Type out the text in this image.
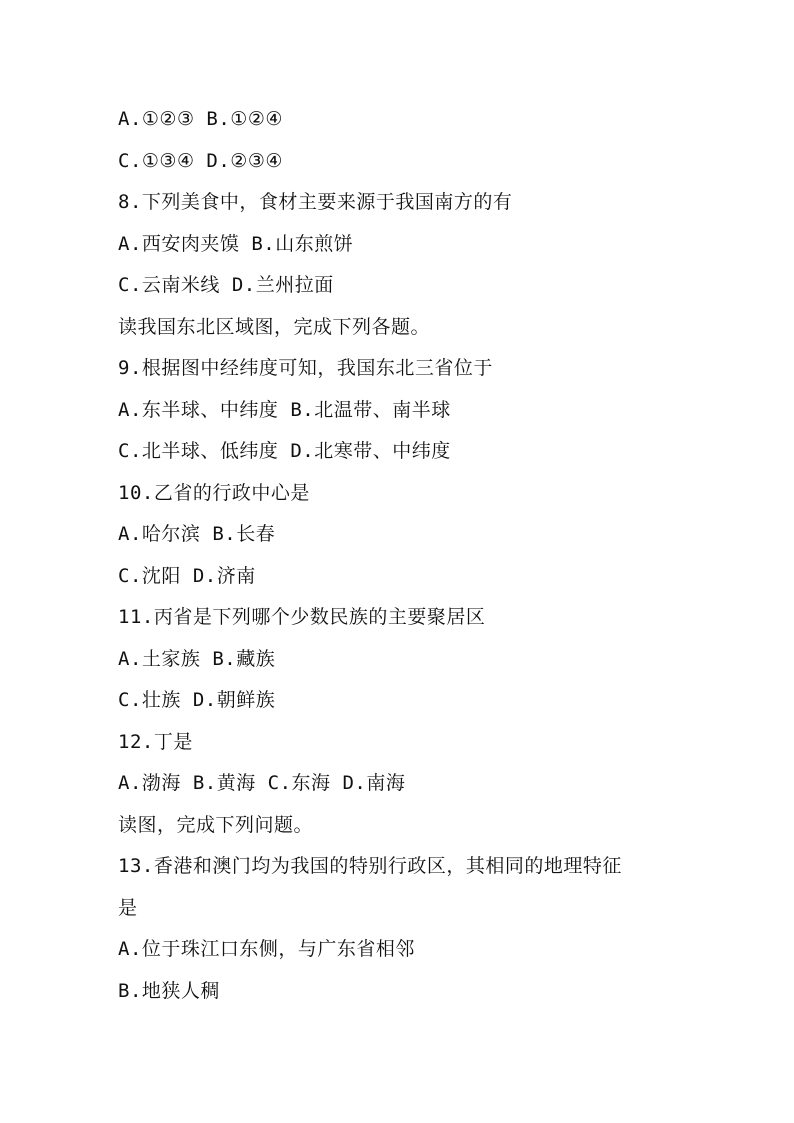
A.①②③ B.①②④
C.①③④ D.②③④
8.下列美食中，食材主要来源于我国南方的有
A.西安肉夹馍 B.山东煎饼
C.云南米线 D.兰州拉面
读我国东北区域图，完成下列各题。
9.根据图中经纬度可知，我国东北三省位于
A.东半球、中纬度 B.北温带、南半球
C.北半球、低纬度 D.北寒带、中纬度
10.乙省的行政中心是
A.哈尔滨 B.长春
C.沈阳 D.济南
11.丙省是下列哪个少数民族的主要聚居区
A.土家族 B.藏族
C.壮族 D.朝鲜族
12.丁是
A.渤海 B.黄海 C.东海 D.南海
读图，完成下列问题。
13.香港和澳门均为我国的特别行政区，其相同的地理特征
是
A.位于珠江口东侧，与广东省相邻
B.地狭人稠
